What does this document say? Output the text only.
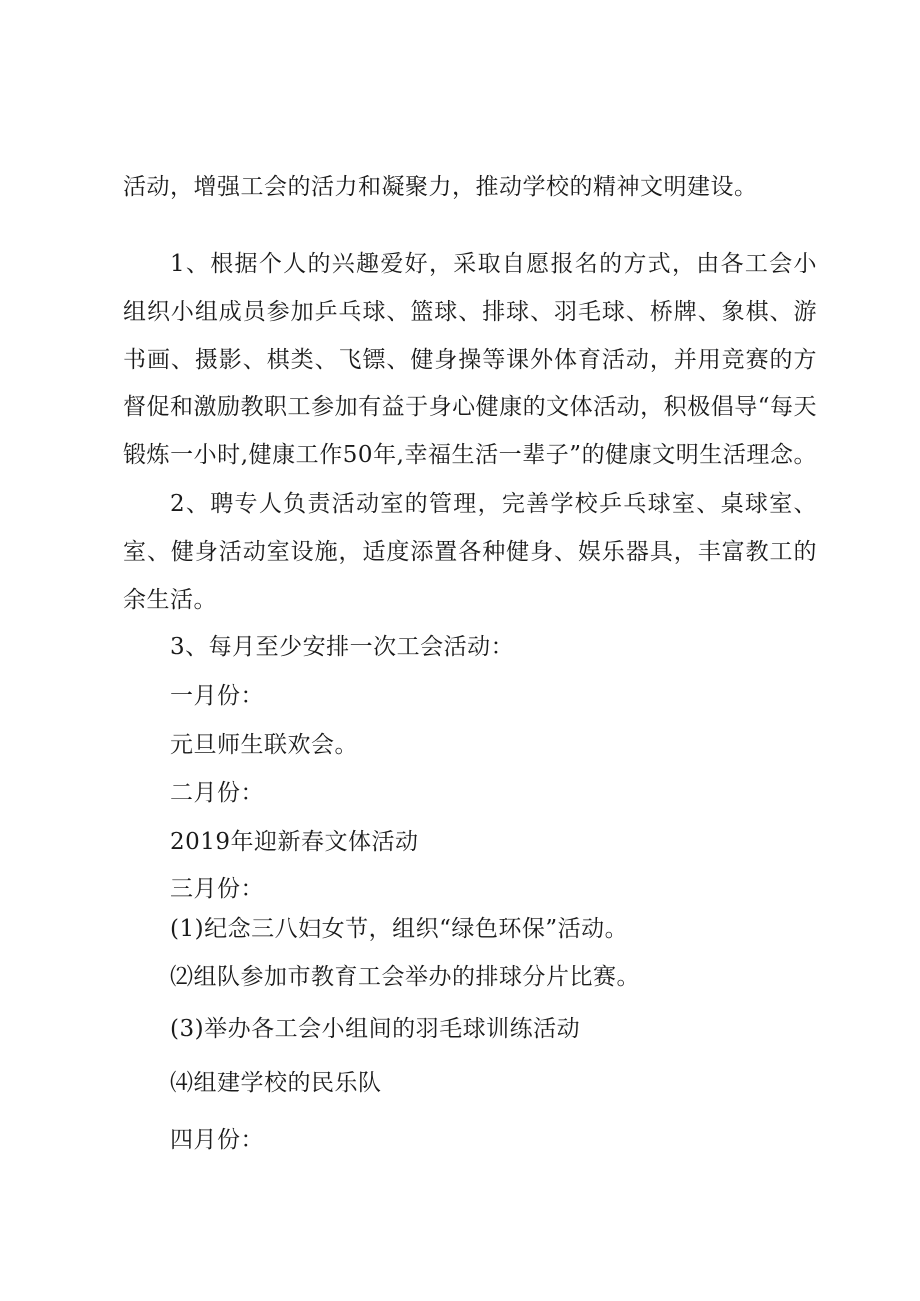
活动，增强工会的活力和凝聚力，推动学校的精神文明建设。
1、根据个人的兴趣爱好，采取自愿报名的方式，由各工会小
组织小组成员参加乒乓球、篮球、排球、羽毛球、桥牌、象棋、游
书画、摄影、棋类、飞镖、健身操等课外体育活动，并用竞赛的方
督促和激励教职工参加有益于身心健康的文体活动，积极倡导“每天
锻炼一小时,健康工作50年,幸福生活一辈子”的健康文明生活理念。
2、聘专人负责活动室的管理，完善学校乒乓球室、桌球室、
室、健身活动室设施，适度添置各种健身、娱乐器具，丰富教工的
余生活。
3、每月至少安排一次工会活动：
一月份：
元旦师生联欢会。
二月份：
2019年迎新春文体活动
三月份：
(1)纪念三八妇女节，组织“绿色环保”活动。
⑵组队参加市教育工会举办的排球分片比赛。
(3)举办各工会小组间的羽毛球训练活动
⑷组建学校的民乐队
四月份：
